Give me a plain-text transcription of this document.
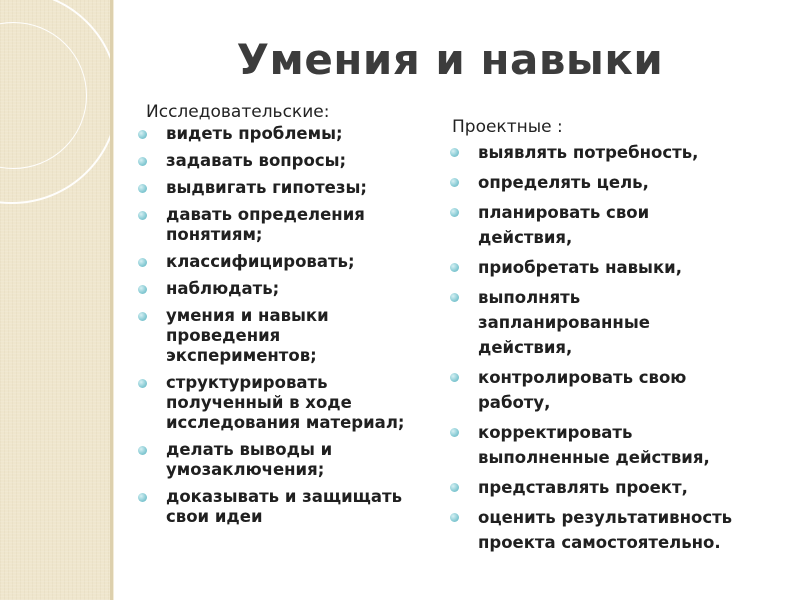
Умения и навыки
Исследовательские:
видеть проблемы;
задавать вопросы;
выдвигать гипотезы;
давать определения
понятиям;
классифицировать;
наблюдать;
умения и навыки
проведения
экспериментов;
структурировать
полученный в ходе
исследования материал;
делать выводы и
умозаключения;
доказывать и защищать
свои идеи
Проектные :
выявлять потребность,
определять цель,
планировать свои
действия,
приобретать навыки,
выполнять
запланированные
действия,
контролировать свою
работу,
корректировать
выполненные действия,
представлять проект,
оценить результативность
проекта самостоятельно.
